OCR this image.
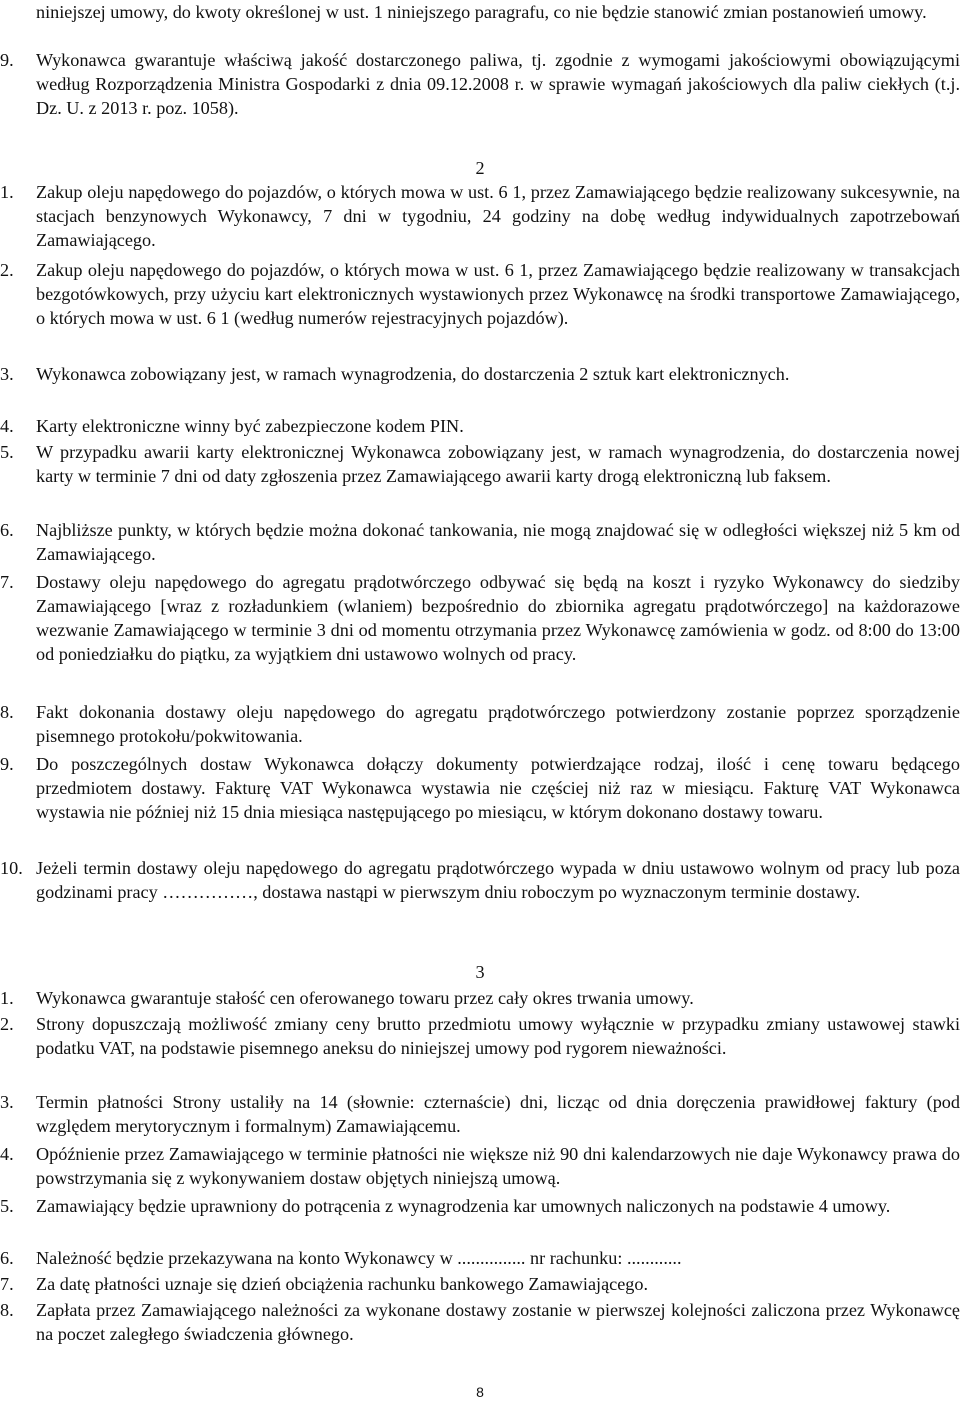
niniejszej umowy, do kwoty określonej w ust. 1 niniejszego paragrafu, co nie będzie stanowić zmian postanowień umowy.
9.	Wykonawca gwarantuje właściwą jakość dostarczonego paliwa, tj. zgodnie z wymogami jakościowymi obowiązującymi według Rozporządzenia Ministra Gospodarki z dnia 09.12.2008 r. w sprawie wymagań jakościowych dla paliw ciekłych (t.j. Dz. U. z 2013 r. poz. 1058).
2
1.	Zakup oleju napędowego do pojazdów, o których mowa w ust. 6 1, przez Zamawiającego będzie realizowany sukcesywnie, na stacjach benzynowych Wykonawcy, 7 dni w tygodniu, 24 godziny na dobę według indywidualnych zapotrzebowań Zamawiającego.
2.	Zakup oleju napędowego do pojazdów, o których mowa w ust. 6 1, przez Zamawiającego będzie realizowany w transakcjach bezgotówkowych, przy użyciu kart elektronicznych wystawionych przez Wykonawcę na środki transportowe Zamawiającego, o których mowa w ust. 6 1 (według numerów rejestracyjnych pojazdów).
3.	Wykonawca zobowiązany jest, w ramach wynagrodzenia, do dostarczenia 2 sztuk kart elektronicznych.
4.	Karty elektroniczne winny być zabezpieczone kodem PIN.
5.	W przypadku awarii karty elektronicznej Wykonawca zobowiązany jest, w ramach wynagrodzenia, do dostarczenia nowej karty w terminie 7 dni od daty zgłoszenia przez Zamawiającego awarii karty drogą elektroniczną lub faksem.
6.	Najbliższe punkty, w których będzie można dokonać tankowania, nie mogą znajdować się w odległości większej niż 5 km od Zamawiającego.
7.	Dostawy oleju napędowego do agregatu prądotwórczego odbywać się będą na koszt i ryzyko Wykonawcy do siedziby Zamawiającego [wraz z rozładunkiem (wlaniem) bezpośrednio do zbiornika agregatu prądotwórczego] na każdorazowe wezwanie Zamawiającego w terminie 3 dni od momentu otrzymania przez Wykonawcę zamówienia w godz. od 8:00 do 13:00 od poniedziałku do piątku, za wyjątkiem dni ustawowo wolnych od pracy.
8.	Fakt dokonania dostawy oleju napędowego do agregatu prądotwórczego potwierdzony zostanie poprzez sporządzenie pisemnego protokołu/pokwitowania.
9.	Do poszczególnych dostaw Wykonawca dołączy dokumenty potwierdzające rodzaj, ilość i cenę towaru będącego przedmiotem dostawy. Fakturę VAT Wykonawca wystawia nie częściej niż raz w miesiącu. Fakturę VAT Wykonawca wystawia nie później niż 15 dnia miesiąca następującego po miesiącu, w którym dokonano dostawy towaru.
10. Jeżeli termin dostawy oleju napędowego do agregatu prądotwórczego wypada w dniu ustawowo wolnym od pracy lub poza godzinami pracy ……………, dostawa nastąpi w pierwszym dniu roboczym po wyznaczonym terminie dostawy.
3
1.	Wykonawca gwarantuje stałość cen oferowanego towaru przez cały okres trwania umowy.
2.	Strony dopuszczają możliwość zmiany ceny brutto przedmiotu umowy wyłącznie w przypadku zmiany ustawowej stawki podatku VAT, na podstawie pisemnego aneksu do niniejszej umowy pod rygorem nieważności.
3.	Termin płatności Strony ustaliły na 14 (słownie: czternaście) dni, licząc od dnia doręczenia prawidłowej faktury (pod względem merytorycznym i formalnym) Zamawiającemu.
4.	Opóźnienie przez Zamawiającego w terminie płatności nie większe niż 90 dni kalendarzowych nie daje Wykonawcy prawa do powstrzymania się z wykonywaniem dostaw objętych niniejszą umową.
5.	Zamawiający będzie uprawniony do potrącenia z wynagrodzenia kar umownych naliczonych na podstawie 4 umowy.
6.	Należność będzie przekazywana na konto Wykonawcy w ............... nr rachunku: ............
7.	Za datę płatności uznaje się dzień obciążenia rachunku bankowego Zamawiającego.
8.	Zapłata przez Zamawiającego należności za wykonane dostawy zostanie w pierwszej kolejności zaliczona przez Wykonawcę na poczet zaległego świadczenia głównego.
8
